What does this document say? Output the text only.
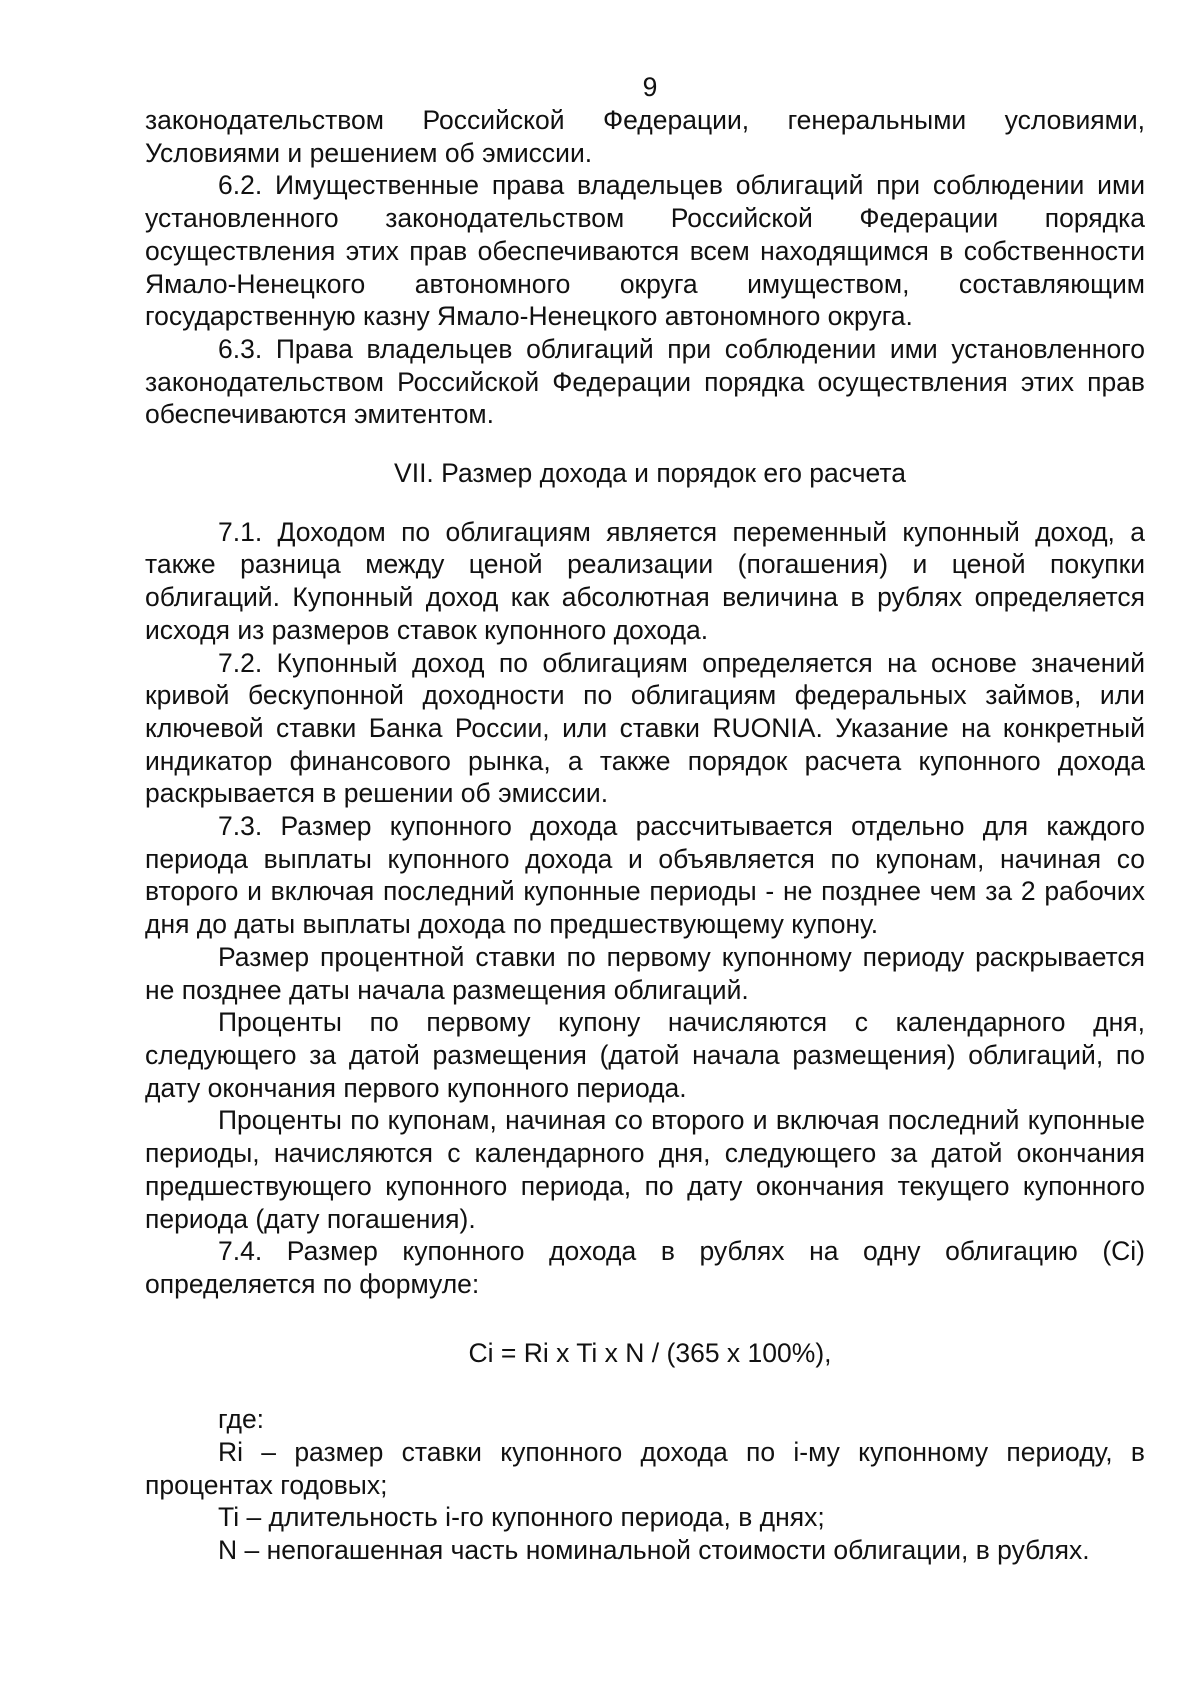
9

законодательством Российской Федерации, генеральными условиями, Условиями и решением об эмиссии.

6.2. Имущественные права владельцев облигаций при соблюдении ими установленного законодательством Российской Федерации порядка осуществления этих прав обеспечиваются всем находящимся в собственности Ямало-Ненецкого автономного округа имуществом, составляющим государственную казну Ямало-Ненецкого автономного округа.

6.3. Права владельцев облигаций при соблюдении ими установленного законодательством Российской Федерации порядка осуществления этих прав обеспечиваются эмитентом.

VII. Размер дохода и порядок его расчета

7.1. Доходом по облигациям является переменный купонный доход, а также разница между ценой реализации (погашения) и ценой покупки облигаций. Купонный доход как абсолютная величина в рублях определяется исходя из размеров ставок купонного дохода.

7.2. Купонный доход по облигациям определяется на основе значений кривой бескупонной доходности по облигациям федеральных займов, или ключевой ставки Банка России, или ставки RUONIA. Указание на конкретный индикатор финансового рынка, а также порядок расчета купонного дохода раскрывается в решении об эмиссии.

7.3. Размер купонного дохода рассчитывается отдельно для каждого периода выплаты купонного дохода и объявляется по купонам, начиная со второго и включая последний купонные периоды - не позднее чем за 2 рабочих дня до даты выплаты дохода по предшествующему купону.

Размер процентной ставки по первому купонному периоду раскрывается не позднее даты начала размещения облигаций.

Проценты по первому купону начисляются с календарного дня, следующего за датой размещения (датой начала размещения) облигаций, по дату окончания первого купонного периода.

Проценты по купонам, начиная со второго и включая последний купонные периоды, начисляются с календарного дня, следующего за датой окончания предшествующего купонного периода, по дату окончания текущего купонного периода (дату погашения).

7.4. Размер купонного дохода в рублях на одну облигацию (Ci) определяется по формуле:

Ci = Ri x Ti x N / (365 x 100%),

где:

Ri – размер ставки купонного дохода по i-му купонному периоду, в процентах годовых;

Ti – длительность i-го купонного периода, в днях;

N – непогашенная часть номинальной стоимости облигации, в рублях.
